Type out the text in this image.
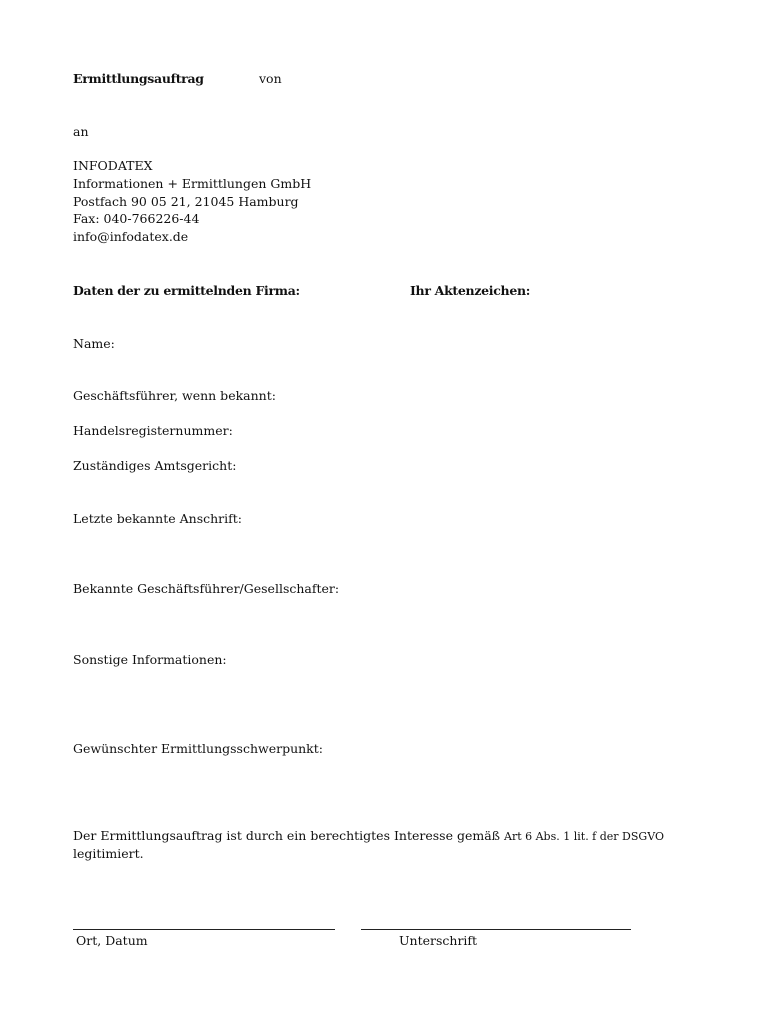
Ermittlungsauftrag	von
an
INFODATEX
Informationen + Ermittlungen GmbH
Postfach 90 05 21, 21045 Hamburg
Fax: 040-766226-44
info@infodatex.de
Daten der zu ermittelnden Firma:	Ihr Aktenzeichen:
Name:
Geschäftsführer, wenn bekannt:
Handelsregisternummer:
Zuständiges Amtsgericht:
Letzte bekannte Anschrift:
Bekannte Geschäftsführer/Gesellschafter:
Sonstige Informationen:
Gewünschter Ermittlungsschwerpunkt:
Der Ermittlungsauftrag ist durch ein berechtigtes Interesse gemäß Art 6 Abs. 1 lit. f der DSGVO
legitimiert.
Ort, Datum	Unterschrift
